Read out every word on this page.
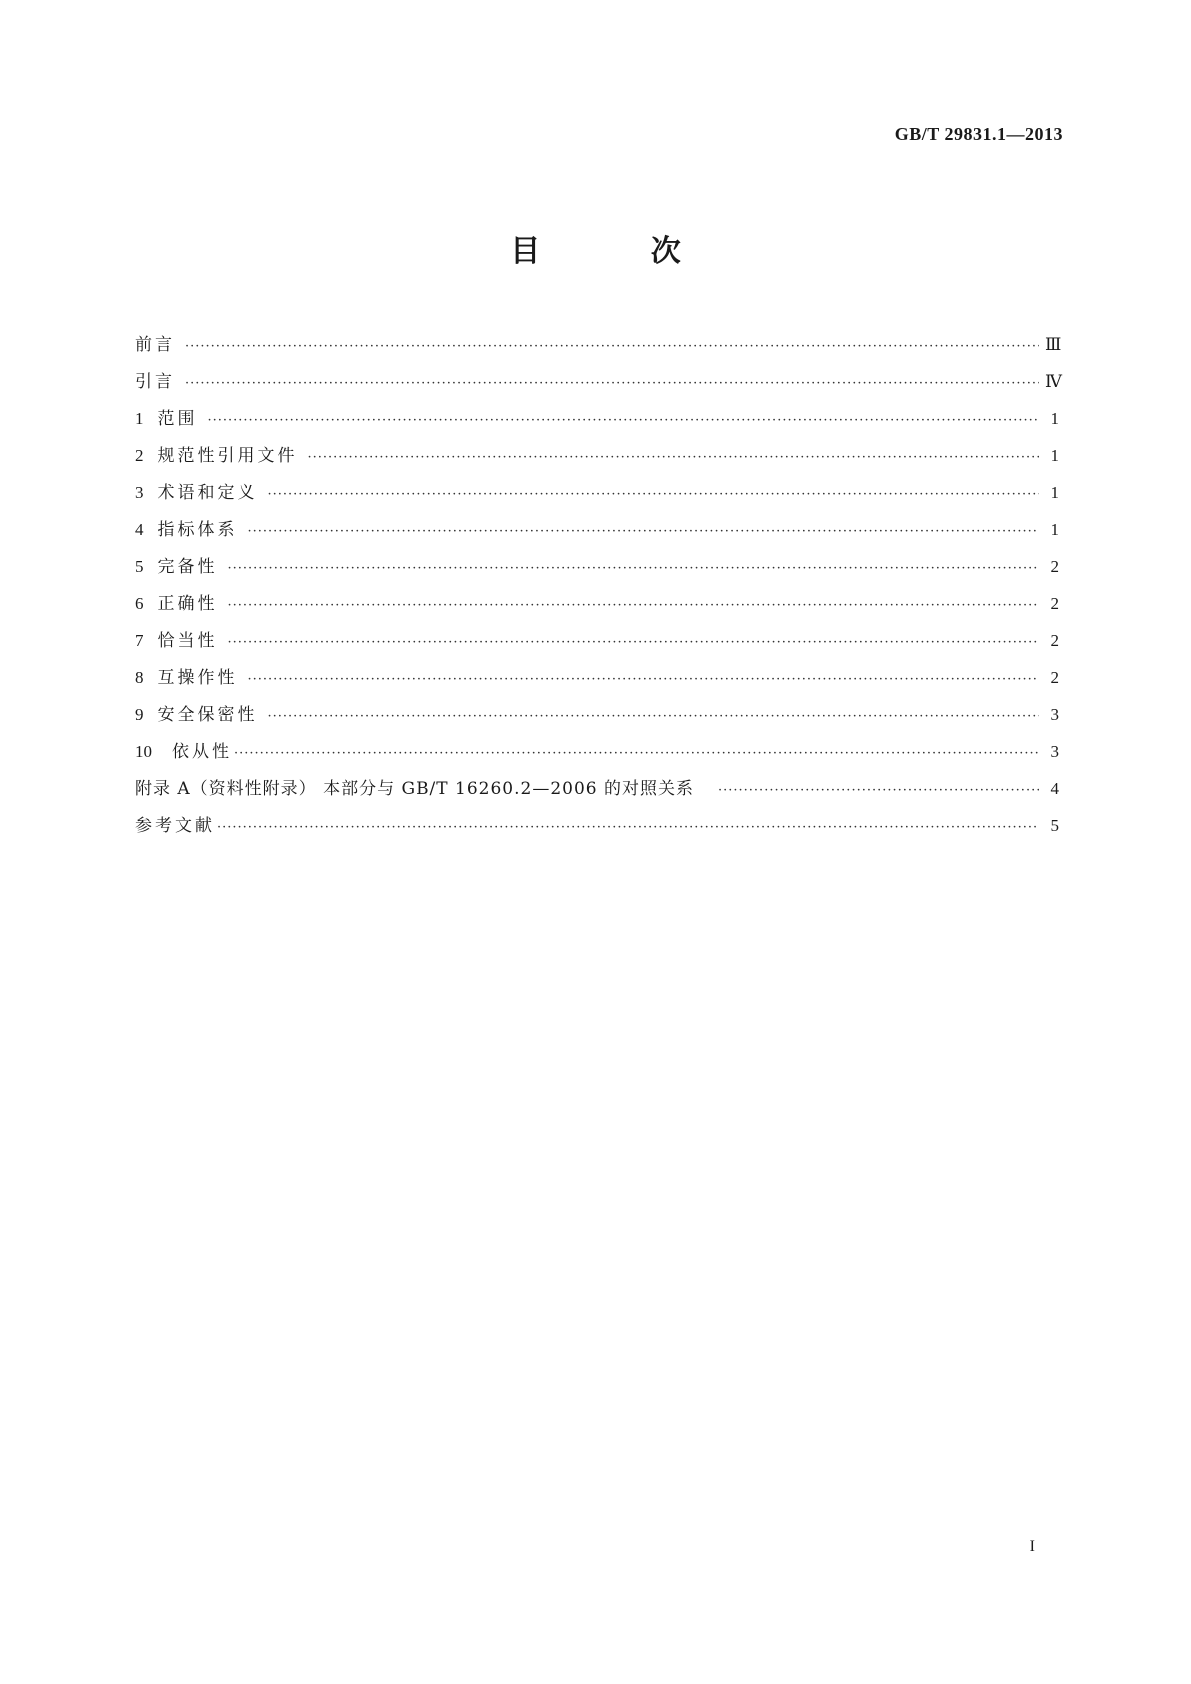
GB/T 29831.1—2013
目 次
前言 ·····	Ⅲ
引言 ·····	Ⅳ
1 范围 ·····	1
2 规范性引用文件 ·····	1
3 术语和定义 ·····	1
4 指标体系 ·····	1
5 完备性 ·····	2
6 正确性 ·····	2
7 恰当性 ·····	2
8 互操作性 ·····	2
9 安全保密性 ·····	3
10 依从性 ·····	3
附录 A（资料性附录） 本部分与 GB/T 16260.2—2006 的对照关系 ·····	4
参考文献 ·····	5
I
